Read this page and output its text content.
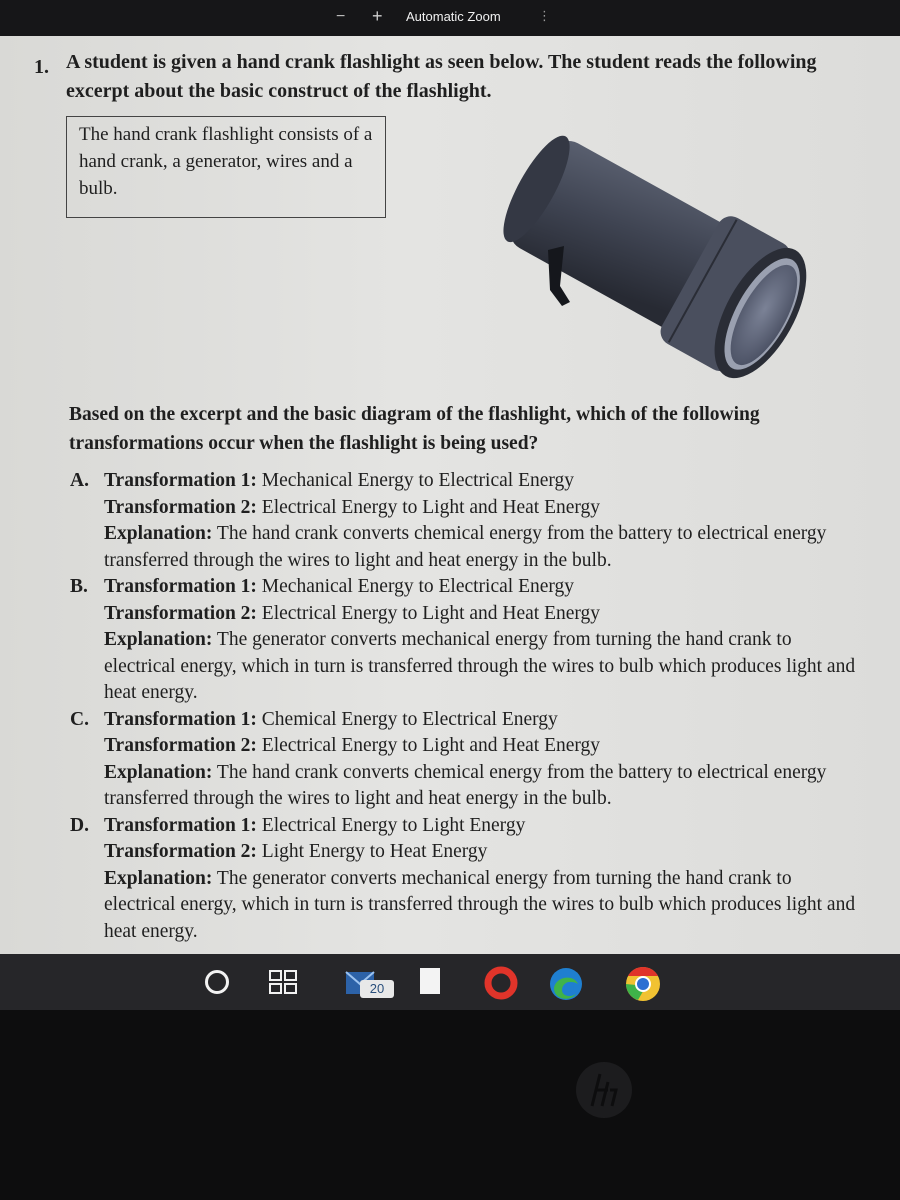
− + Automatic Zoom	⋮
1. A student is given a hand crank flashlight as seen below. The student reads the following excerpt about the basic construct of the flashlight.
The hand crank flashlight consists of a hand crank, a generator, wires and a bulb.
Based on the excerpt and the basic diagram of the flashlight, which of the following transformations occur when the flashlight is being used?
A. Transformation 1: Mechanical Energy to Electrical Energy
Transformation 2: Electrical Energy to Light and Heat Energy
Explanation: The hand crank converts chemical energy from the battery to electrical energy transferred through the wires to light and heat energy in the bulb.
B. Transformation 1: Mechanical Energy to Electrical Energy
Transformation 2: Electrical Energy to Light and Heat Energy
Explanation: The generator converts mechanical energy from turning the hand crank to electrical energy, which in turn is transferred through the wires to bulb which produces light and heat energy.
C. Transformation 1: Chemical Energy to Electrical Energy
Transformation 2: Electrical Energy to Light and Heat Energy
Explanation: The hand crank converts chemical energy from the battery to electrical energy transferred through the wires to light and heat energy in the bulb.
D. Transformation 1: Electrical Energy to Light Energy
Transformation 2: Light Energy to Heat Energy
Explanation: The generator converts mechanical energy from turning the hand crank to electrical energy, which in turn is transferred through the wires to bulb which produces light and heat energy.
20
